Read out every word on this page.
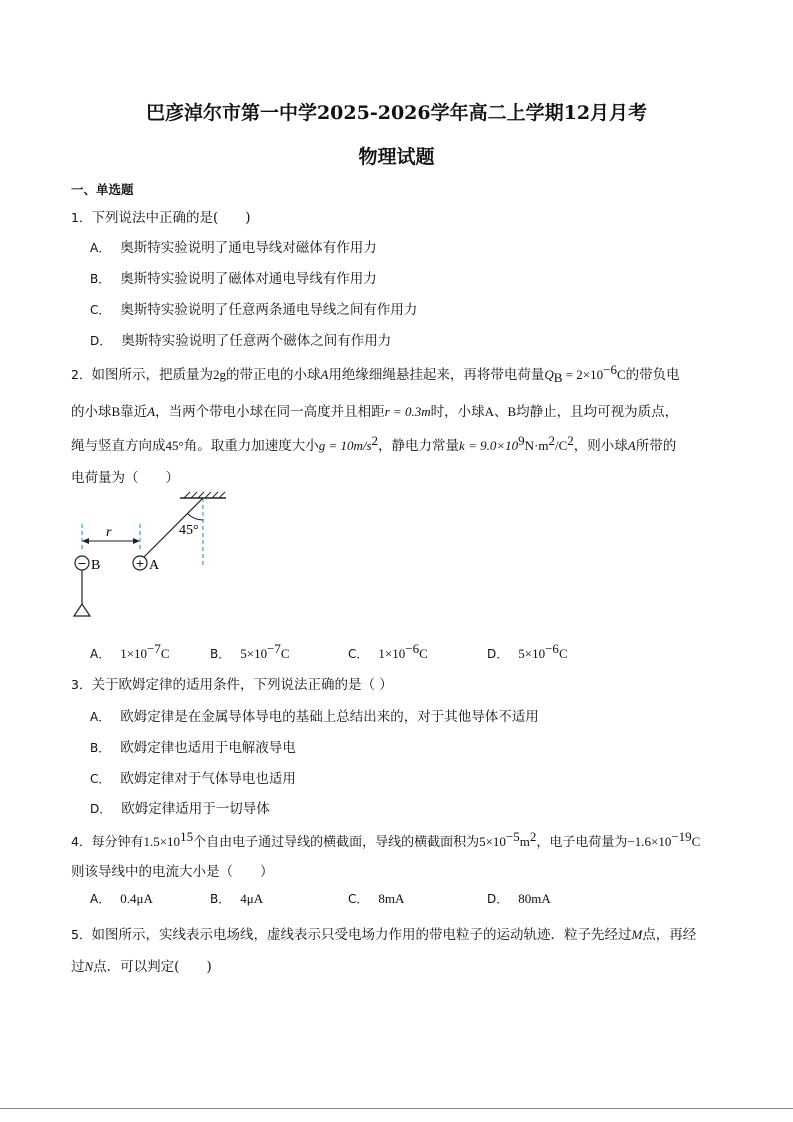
巴彦淖尔市第一中学2025-2026学年高二上学期12月月考
物理试题
一、单选题
1．下列说法中正确的是(　　)
A． 奥斯特实验说明了通电导线对磁体有作用力
B． 奥斯特实验说明了磁体对通电导线有作用力
C． 奥斯特实验说明了任意两条通电导线之间有作用力
D． 奥斯特实验说明了任意两个磁体之间有作用力
2．如图所示，把质量为2g的带正电的小球A用绝缘细绳悬挂起来，再将带电荷量$Q_B = 2\times 10^{-6}C$的带负电
的小球B靠近A，当两个带电小球在同一高度并且相距r = 0.3m时，小球A、B均静止，且均可视为质点，
绳与竖直方向成45°角。取重力加速度大小$g = 10m/s^2$，静电力常量$k = 9.0\times 10^9N\cdot m^2/C^2$，则小球A所带的
电荷量为（　　）
45°
r
− B	+ A
A． $1\times 10^{-7}C$	B． $5\times 10^{-7}C$	C． $1\times 10^{-6}C$	D． $5\times 10^{-6}C$
3．关于欧姆定律的适用条件，下列说法正确的是（ ）
A． 欧姆定律是在金属导体导电的基础上总结出来的，对于其他导体不适用
B． 欧姆定律也适用于电解液导电
C． 欧姆定律对于气体导电也适用
D． 欧姆定律适用于一切导体
4．每分钟有$1.5\times 10^{15}$个自由电子通过导线的横截面，导线的横截面积为$5\times 10^{-5}m^2$，电子电荷量为$-1.6\times 10^{-19}C$
则该导线中的电流大小是（　　）
A． 0.4μA	B． 4μA	C． 8mA	D． 80mA
5．如图所示，实线表示电场线，虚线表示只受电场力作用的带电粒子的运动轨迹．粒子先经过M点，再经
过N点．可以判定(　　)
